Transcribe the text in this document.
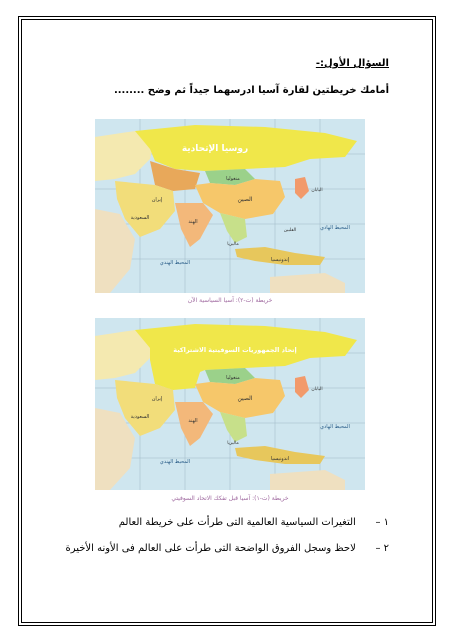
السؤال الأول:-
أمامك خريطتين لقارة آسيا ادرسهما جيداً ثم وضح ........
روسيا الإتحادية
منغوليا
الصين
إيران
السعودية
الهند
المحيط الهندي	إندونيسيا
المحيط الهادي
اليابان
ماليزيا
الفلبين
خريطة (ت-٢): آسيا السياسية الآن
إتحاد الجمهوريات السوفيتية الاشتراكية
منغوليا
الصين
إيران
السعودية
الهند
المحيط الهندي	اندونيسيا
المحيط الهادي
اليابان
ماليزيا
خريطة (ت-١): آسيا قبل تفكك الاتحاد السوفيتي
١ – التغيرات السياسية العالمية التى طرأت على خريطة العالم
٢ – لاحظ وسجل الفروق الواضحة التى طرأت على العالم فى الأونه الأخيرة
